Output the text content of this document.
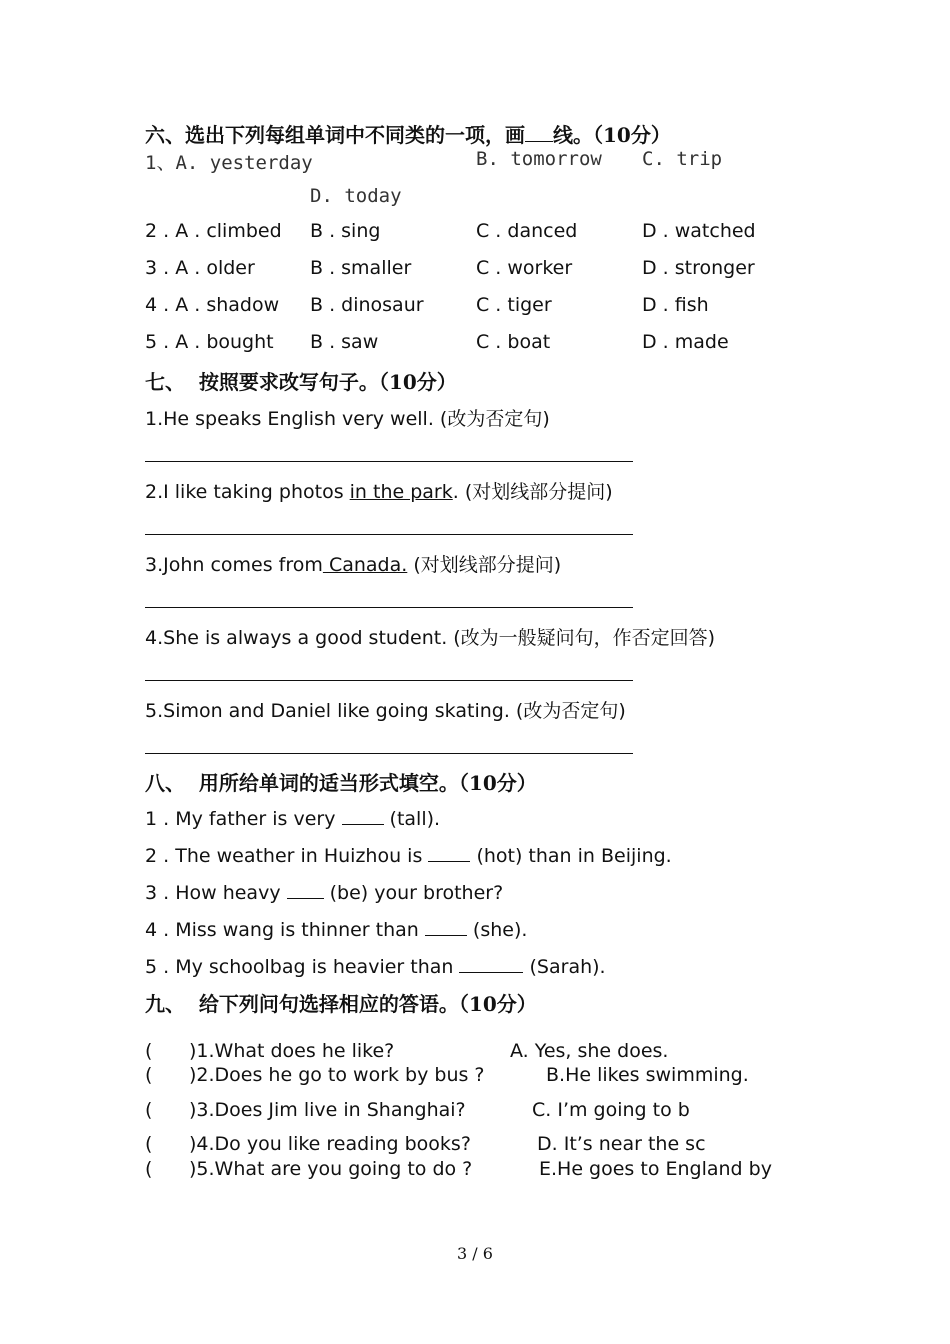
六、选出下列每组单词中不同类的一项，画 线。（10分）
1、A. yesterday	B. tomorrow C. trip
D. today
2 . A . climbed B . sing	C . danced	D . watched
3 . A . older	B . smaller	C . worker	D . stronger
4 . A . shadow B . dinosaur	C . tiger	D . fish
5 . A . bought B . saw	C . boat	D . made
七、  按照要求改写句子。（10分）
1.He speaks English very well. (改为否定句)
2.I like taking photos in the park. (对划线部分提问)
3.John comes from Canada. (对划线部分提问)
4.She is always a good student. (改为一般疑问句，作否定回答)
5.Simon and Daniel like going skating. (改为否定句)
八、  用所给单词的适当形式填空。（10分）
1 . My father is very  (tall).
2 . The weather in Huizhou is  (hot) than in Beijing.
3 . How heavy  (be) your brother?
4 . Miss wang is thinner than  (she).
5 . My schoolbag is heavier than	(Sarah).
九、  给下列问句选择相应的答语。（10分）
( )1.What does he like?	A. Yes, she does.
( )2.Does he go to work by bus ?	B.He likes swimming.
( )3.Does Jim live in Shanghai?	C. I’m going to b
( )4.Do you like reading books?	D. It’s near the sc
( )5.What are you going to do ?	E.He goes to England by
3 / 6
